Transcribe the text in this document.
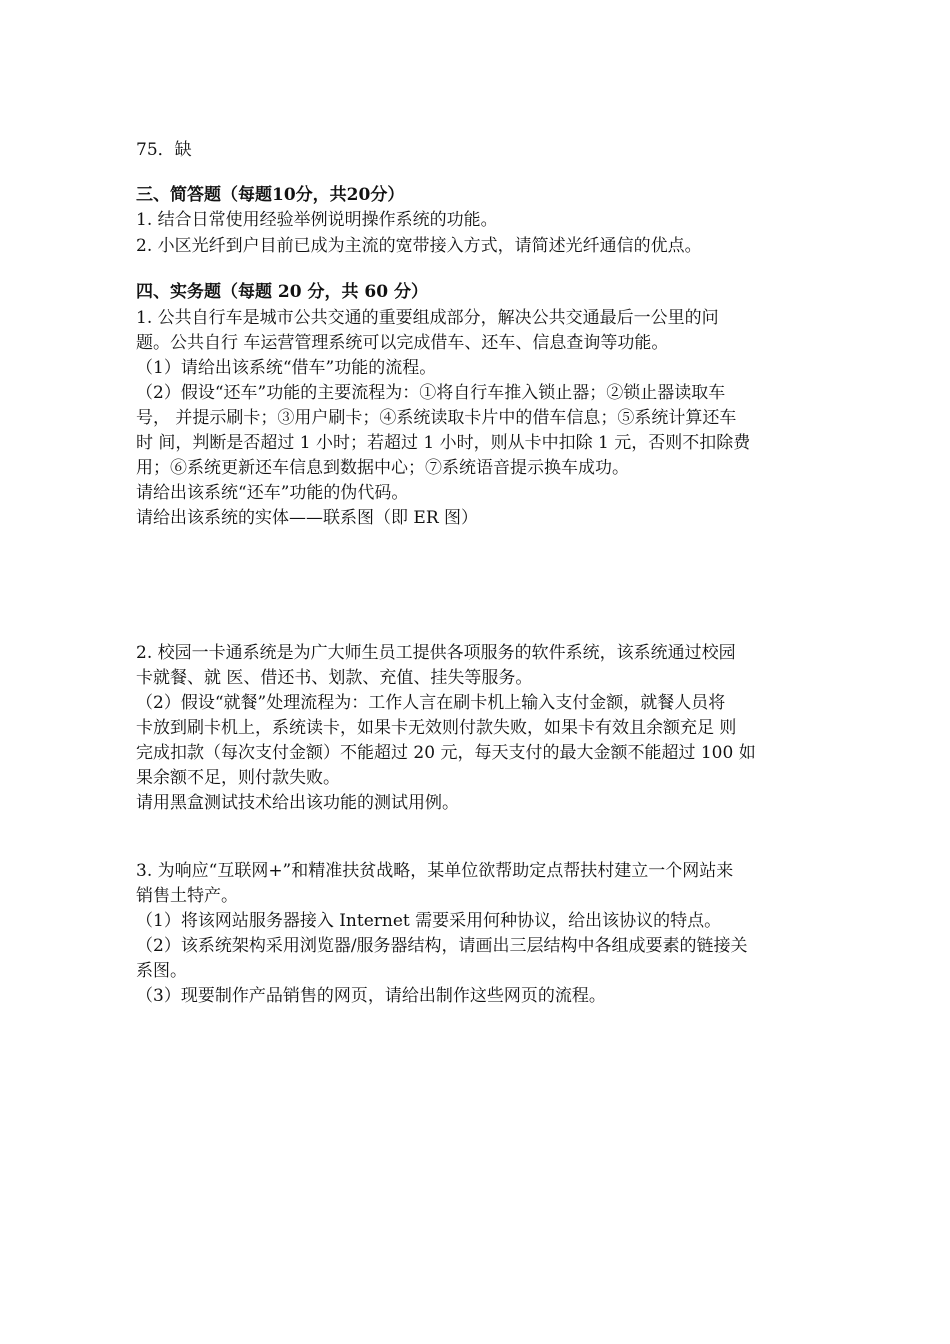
75．缺
三、简答题（每题10分，共20分）
1. 结合日常使用经验举例说明操作系统的功能。
2. 小区光纤到户目前已成为主流的宽带接入方式，请简述光纤通信的优点。
四、实务题（每题 20 分，共 60 分）
1. 公共自行车是城市公共交通的重要组成部分，解决公共交通最后一公里的问
题。公共自行 车运营管理系统可以完成借车、还车、信息查询等功能。
（1）请给出该系统“借车”功能的流程。
（2）假设“还车”功能的主要流程为：①将自行车推入锁止器；②锁止器读取车
号， 并提示刷卡；③用户刷卡；④系统读取卡片中的借车信息；⑤系统计算还车
时 间，判断是否超过 1 小时；若超过 1 小时，则从卡中扣除 1 元，否则不扣除费
用；⑥系统更新还车信息到数据中心；⑦系统语音提示换车成功。
请给出该系统“还车”功能的伪代码。
请给出该系统的实体——联系图（即 ER 图）
2. 校园一卡通系统是为广大师生员工提供各项服务的软件系统，该系统通过校园
卡就餐、就 医、借还书、划款、充值、挂失等服务。
（2）假设“就餐”处理流程为：工作人言在刷卡机上输入支付金额，就餐人员将
卡放到刷卡机上，系统读卡，如果卡无效则付款失败，如果卡有效且余额充足 则
完成扣款（每次支付金额）不能超过 20 元，每天支付的最大金额不能超过 100 如
果余额不足，则付款失败。
请用黑盒测试技术给出该功能的测试用例。
3. 为响应“互联网+”和精准扶贫战略，某单位欲帮助定点帮扶村建立一个网站来
销售土特产。
（1）将该网站服务器接入 Internet 需要采用何种协议，给出该协议的特点。
（2）该系统架构采用浏览器/服务器结构，请画出三层结构中各组成要素的链接关
系图。
（3）现要制作产品销售的网页，请给出制作这些网页的流程。
